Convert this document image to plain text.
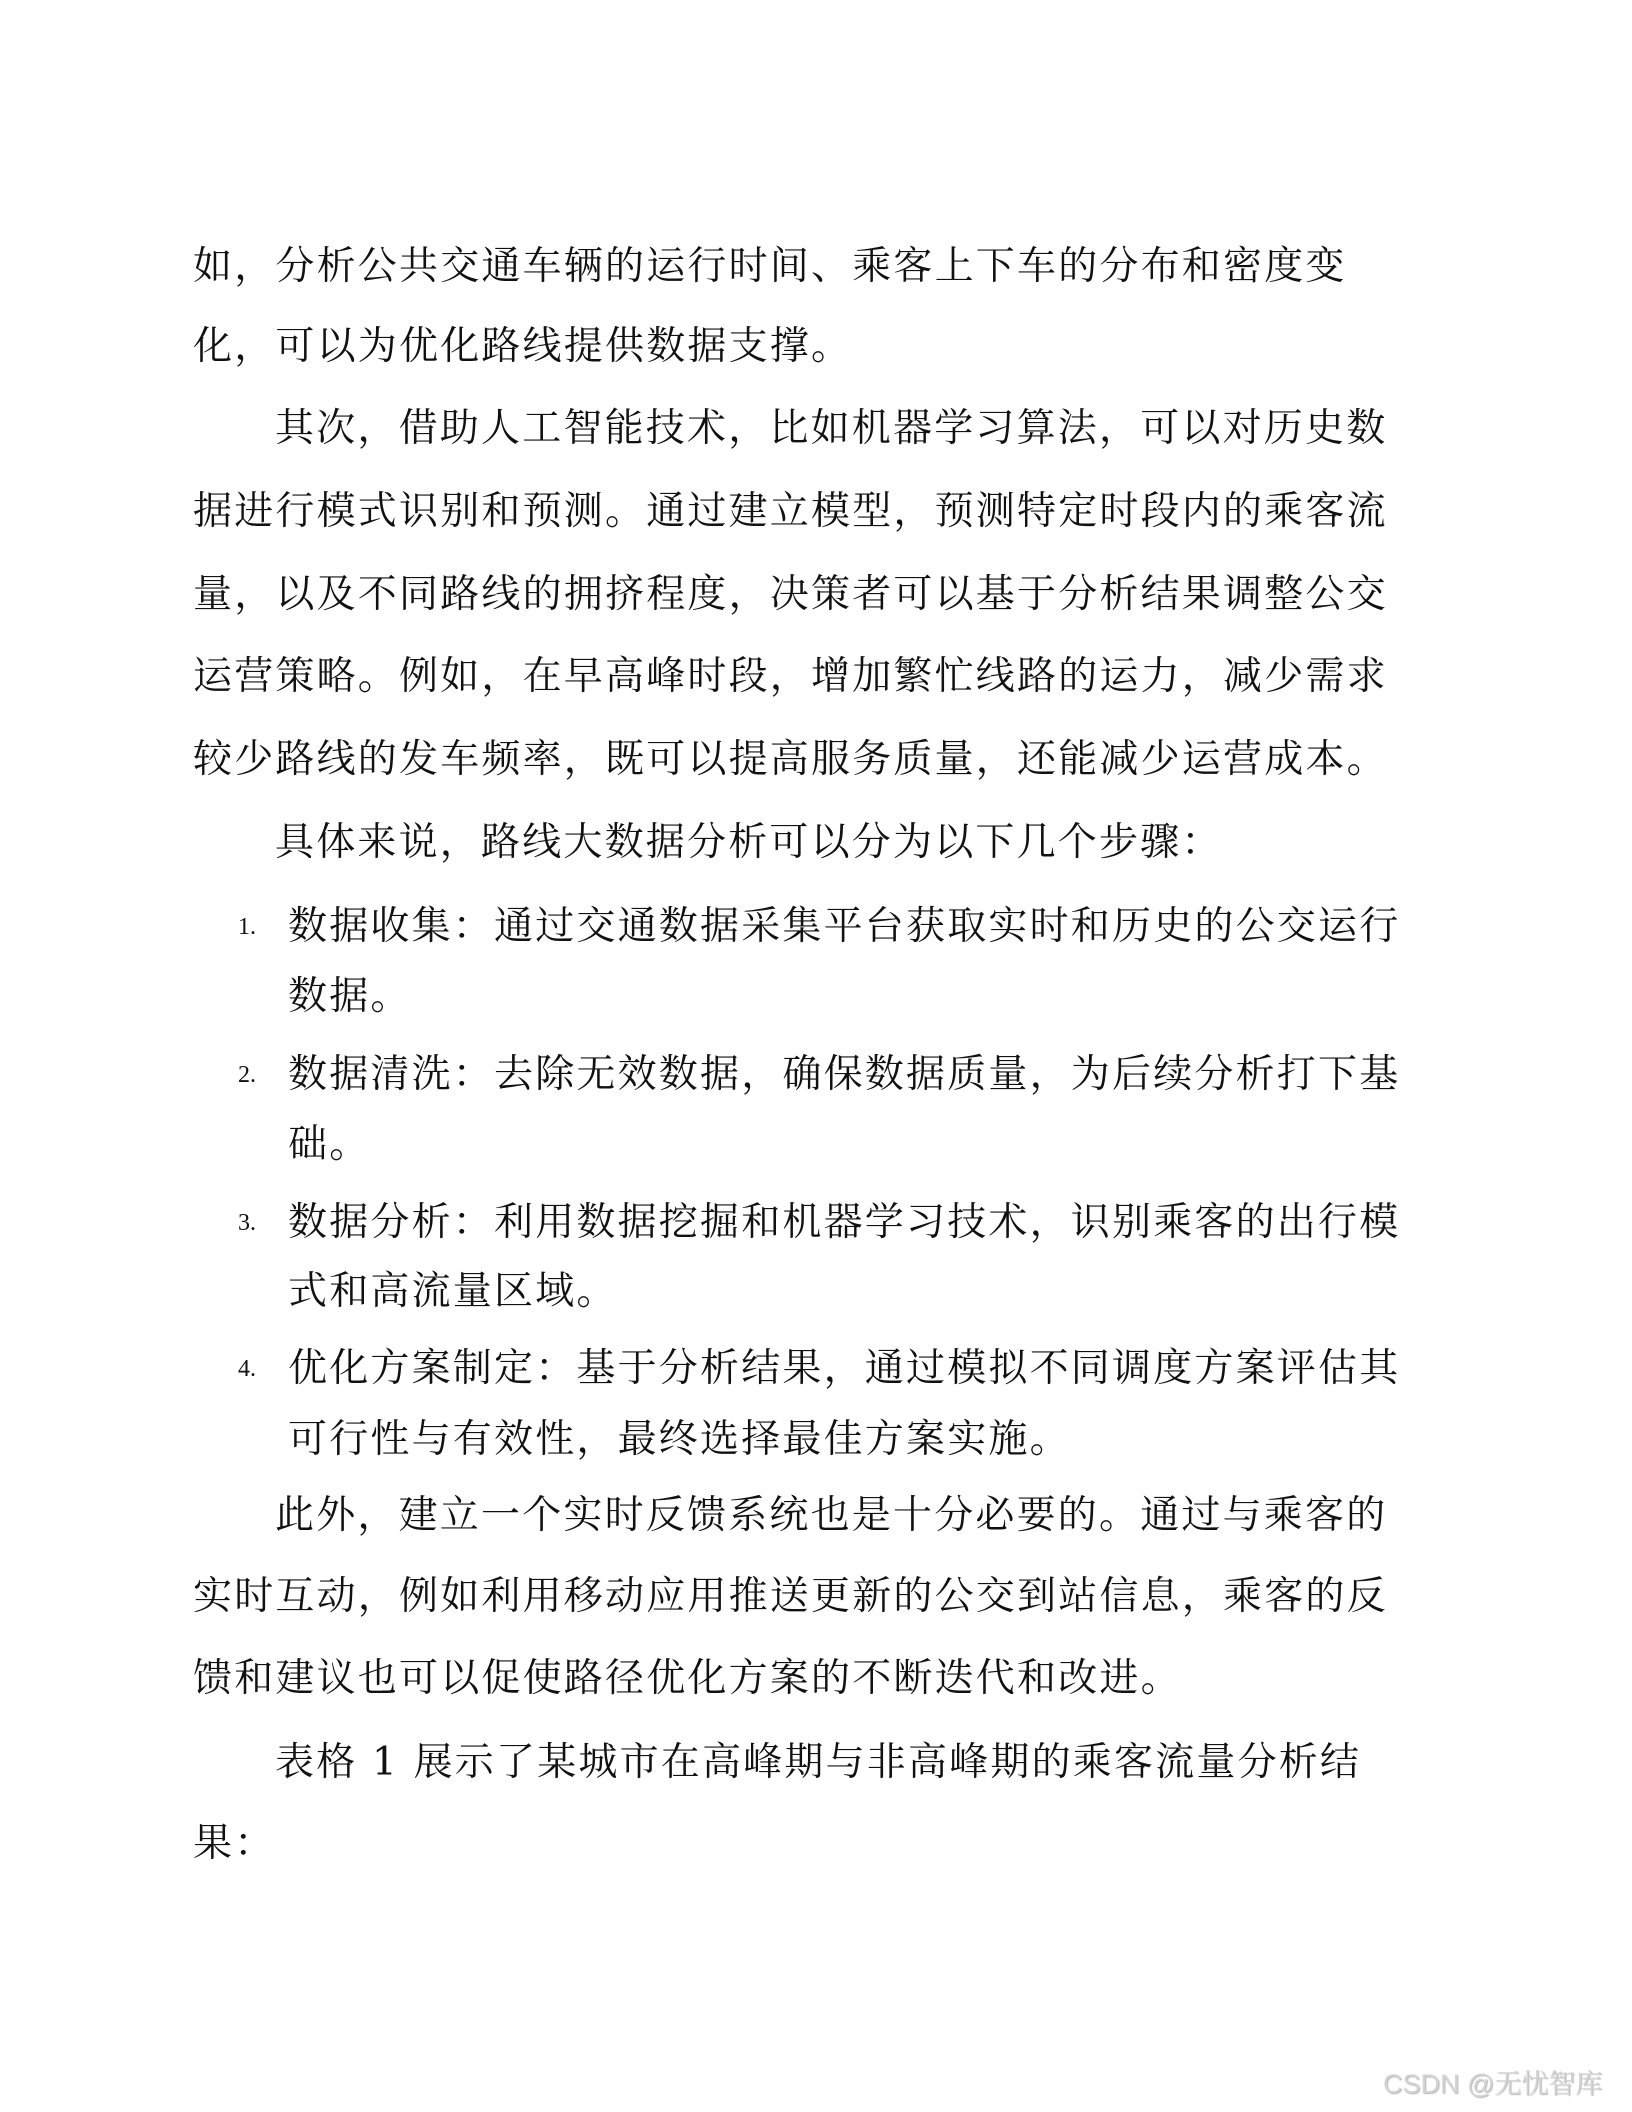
如，分析公共交通车辆的运行时间、乘客上下车的分布和密度变
化，可以为优化路线提供数据支撑。
其次，借助人工智能技术，比如机器学习算法，可以对历史数
据进行模式识别和预测。通过建立模型，预测特定时段内的乘客流
量，以及不同路线的拥挤程度，决策者可以基于分析结果调整公交
运营策略。例如，在早高峰时段，增加繁忙线路的运力，减少需求
较少路线的发车频率，既可以提高服务质量，还能减少运营成本。
具体来说，路线大数据分析可以分为以下几个步骤：
1. 数据收集：通过交通数据采集平台获取实时和历史的公交运行
数据。
2. 数据清洗：去除无效数据，确保数据质量，为后续分析打下基
础。
3. 数据分析：利用数据挖掘和机器学习技术，识别乘客的出行模
式和高流量区域。
4. 优化方案制定：基于分析结果，通过模拟不同调度方案评估其
可行性与有效性，最终选择最佳方案实施。
此外，建立一个实时反馈系统也是十分必要的。通过与乘客的
实时互动，例如利用移动应用推送更新的公交到站信息，乘客的反
馈和建议也可以促使路径优化方案的不断迭代和改进。
表格 1 展示了某城市在高峰期与非高峰期的乘客流量分析结
果：
CSDN @无忧智库
